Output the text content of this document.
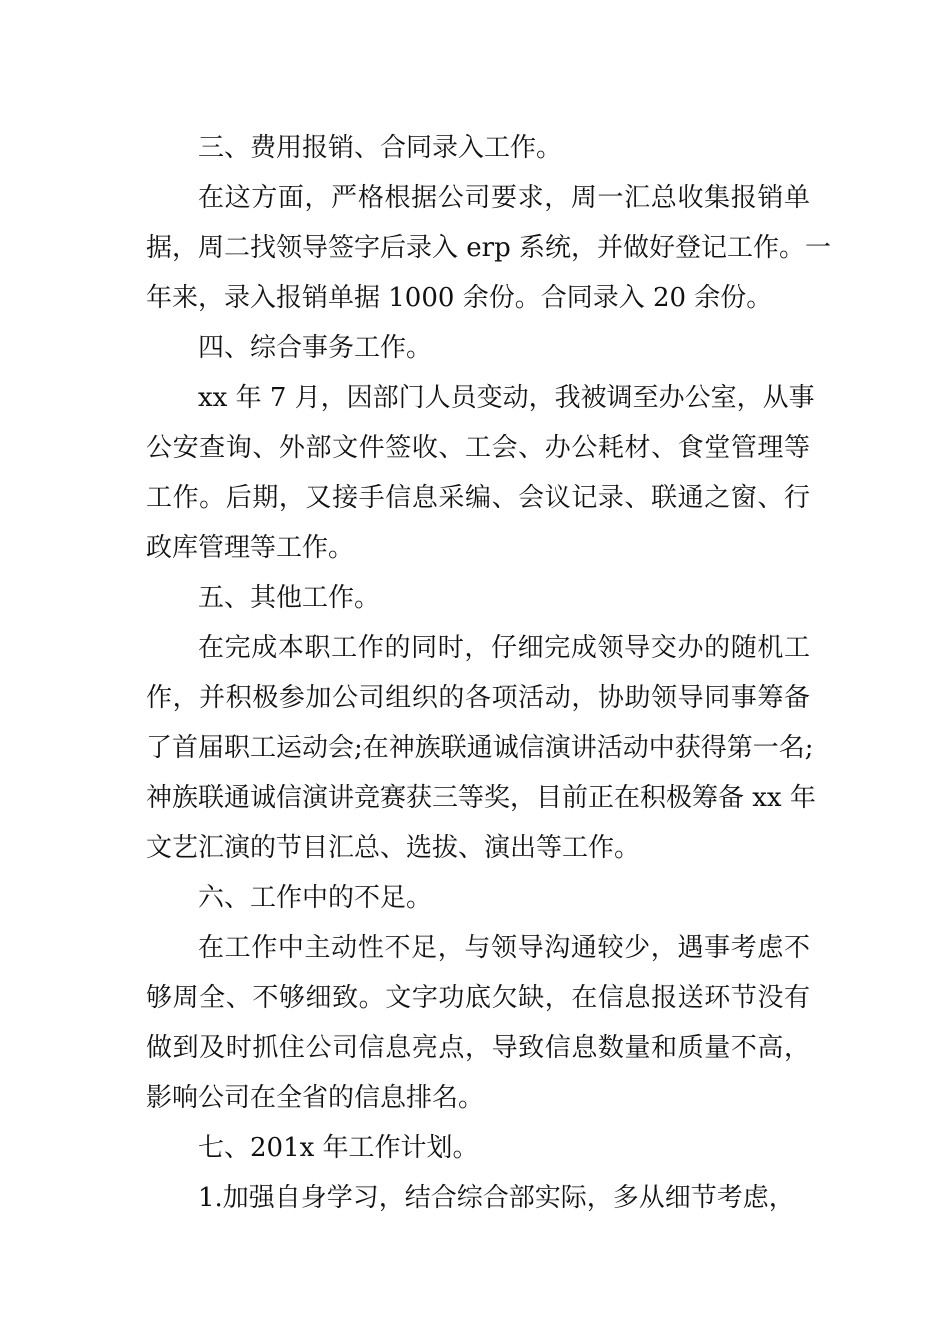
三、费用报销、合同录入工作。

在这方面，严格根据公司要求，周一汇总收集报销单
据，周二找领导签字后录入 erp 系统，并做好登记工作。一
年来，录入报销单据 1000 余份。合同录入 20 余份。

四、综合事务工作。

xx 年 7 月，因部门人员变动，我被调至办公室，从事
公安查询、外部文件签收、工会、办公耗材、食堂管理等
工作。后期，又接手信息采编、会议记录、联通之窗、行
政库管理等工作。

五、其他工作。

在完成本职工作的同时，仔细完成领导交办的随机工
作，并积极参加公司组织的各项活动，协助领导同事筹备
了首届职工运动会;在神族联通诚信演讲活动中获得第一名;
神族联通诚信演讲竞赛获三等奖，目前正在积极筹备 xx 年
文艺汇演的节目汇总、选拔、演出等工作。

六、工作中的不足。

在工作中主动性不足，与领导沟通较少，遇事考虑不
够周全、不够细致。文字功底欠缺，在信息报送环节没有
做到及时抓住公司信息亮点，导致信息数量和质量不高，
影响公司在全省的信息排名。

七、201x 年工作计划。

1.加强自身学习，结合综合部实际，多从细节考虑，
